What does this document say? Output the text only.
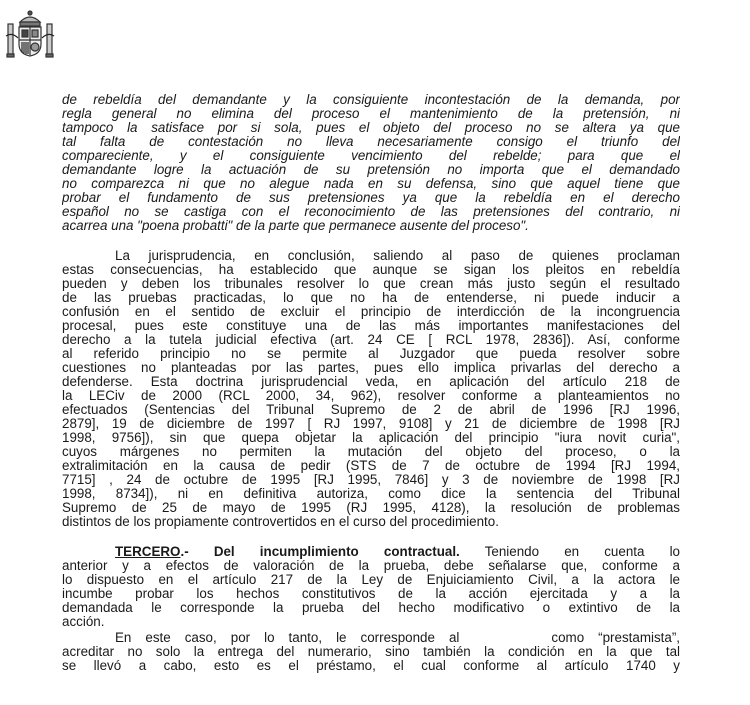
de rebeldía del demandante y la consiguiente incontestación de la demanda, por
regla general no elimina del proceso el mantenimiento de la pretensión, ni
tampoco la satisface por si sola, pues el objeto del proceso no se altera ya que
tal falta de contestación no lleva necesariamente consigo el triunfo del
compareciente, y el consiguiente vencimiento del rebelde; para que el
demandante logre la actuación de su pretensión no importa que el demandado
no comparezca ni que no alegue nada en su defensa, sino que aquel tiene que
probar el fundamento de sus pretensiones ya que la rebeldía en el derecho
español no se castiga con el reconocimiento de las pretensiones del contrario, ni
acarrea una "poena probatti" de la parte que permanece ausente del proceso".
La jurisprudencia, en conclusión, saliendo al paso de quienes proclaman
estas consecuencias, ha establecido que aunque se sigan los pleitos en rebeldía
pueden y deben los tribunales resolver lo que crean más justo según el resultado
de las pruebas practicadas, lo que no ha de entenderse, ni puede inducir a
confusión en el sentido de excluir el principio de interdicción de la incongruencia
procesal, pues este constituye una de las más importantes manifestaciones del
derecho a la tutela judicial efectiva (art. 24 CE [ RCL 1978, 2836]). Así, conforme
al referido principio no se permite al Juzgador que pueda resolver sobre
cuestiones no planteadas por las partes, pues ello implica privarlas del derecho a
defenderse. Esta doctrina jurisprudencial veda, en aplicación del artículo 218 de
la LECiv de 2000 (RCL 2000, 34, 962), resolver conforme a planteamientos no
efectuados (Sentencias del Tribunal Supremo de 2 de abril de 1996 [RJ 1996,
2879], 19 de diciembre de 1997 [ RJ 1997, 9108] y 21 de diciembre de 1998 [RJ
1998, 9756]), sin que quepa objetar la aplicación del principio "iura novit curia",
cuyos márgenes no permiten la mutación del objeto del proceso, o la
extralimitación en la causa de pedir (STS de 7 de octubre de 1994 [RJ 1994,
7715] , 24 de octubre de 1995 [RJ 1995, 7846] y 3 de noviembre de 1998 [RJ
1998, 8734]), ni en definitiva autoriza, como dice la sentencia del Tribunal
Supremo de 25 de mayo de 1995 (RJ 1995, 4128), la resolución de problemas
distintos de los propiamente controvertidos en el curso del procedimiento.
TERCERO.- Del incumplimiento contractual. Teniendo en cuenta lo
anterior y a efectos de valoración de la prueba, debe señalarse que, conforme a
lo dispuesto en el artículo 217 de la Ley de Enjuiciamiento Civil, a la actora le
incumbe probar los hechos constitutivos de la acción ejercitada y a la
demandada le corresponde la prueba del hecho modificativo o extintivo de la
acción.
En este caso, por lo tanto, le corresponde al	como “prestamista”,
acreditar no solo la entrega del numerario, sino también la condición en la que tal
se llevó a cabo, esto es el préstamo, el cual conforme al artículo 1740 y
